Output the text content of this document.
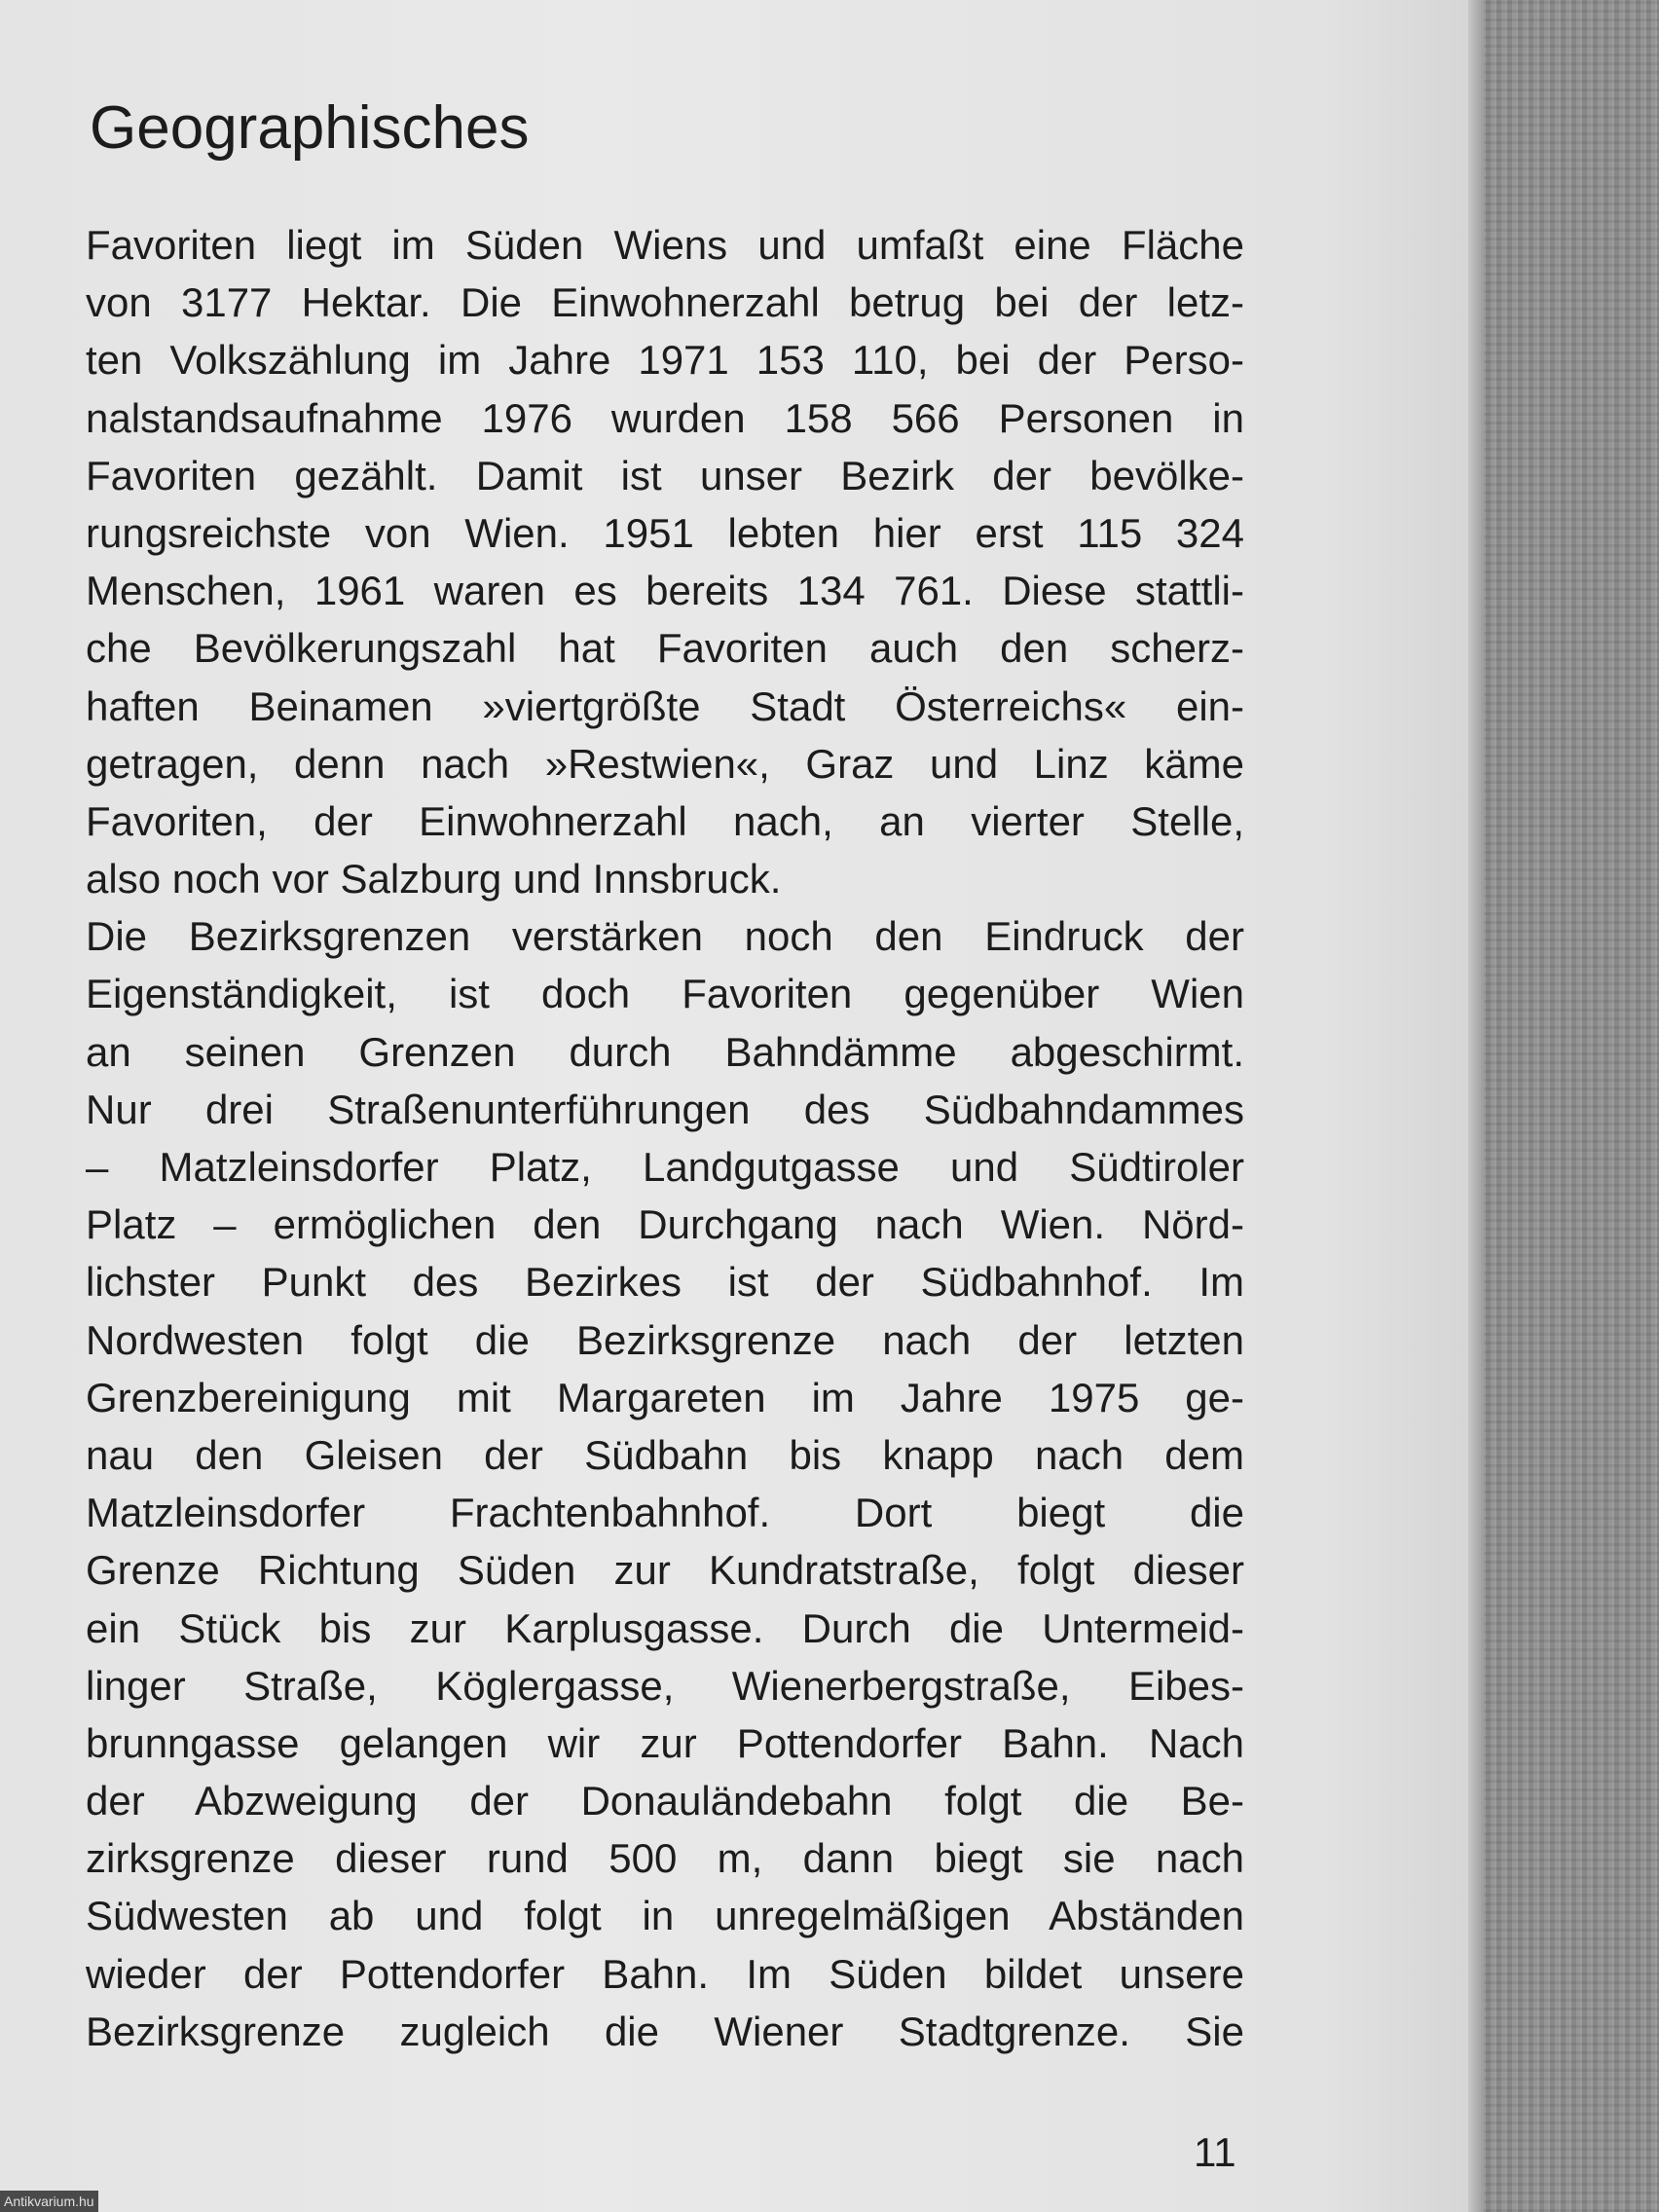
Geographisches
Favoriten liegt im Süden Wiens und umfaßt eine Fläche
von 3177 Hektar. Die Einwohnerzahl betrug bei der letz-
ten Volkszählung im Jahre 1971 153 110, bei der Perso-
nalstandsaufnahme 1976 wurden 158 566 Personen in
Favoriten gezählt. Damit ist unser Bezirk der bevölke-
rungsreichste von Wien. 1951 lebten hier erst 115 324
Menschen, 1961 waren es bereits 134 761. Diese stattli-
che Bevölkerungszahl hat Favoriten auch den scherz-
haften Beinamen »viertgrößte Stadt Österreichs« ein-
getragen, denn nach »Restwien«, Graz und Linz käme
Favoriten, der Einwohnerzahl nach, an vierter Stelle,
also noch vor Salzburg und Innsbruck.
Die Bezirksgrenzen verstärken noch den Eindruck der
Eigenständigkeit, ist doch Favoriten gegenüber Wien
an seinen Grenzen durch Bahndämme abgeschirmt.
Nur drei Straßenunterführungen des Südbahndammes
– Matzleinsdorfer Platz, Landgutgasse und Südtiroler
Platz – ermöglichen den Durchgang nach Wien. Nörd-
lichster Punkt des Bezirkes ist der Südbahnhof. Im
Nordwesten folgt die Bezirksgrenze nach der letzten
Grenzbereinigung mit Margareten im Jahre 1975 ge-
nau den Gleisen der Südbahn bis knapp nach dem
Matzleinsdorfer Frachtenbahnhof. Dort biegt die
Grenze Richtung Süden zur Kundratstraße, folgt dieser
ein Stück bis zur Karplusgasse. Durch die Untermeid-
linger Straße, Köglergasse, Wienerbergstraße, Eibes-
brunngasse gelangen wir zur Pottendorfer Bahn. Nach
der Abzweigung der Donauländebahn folgt die Be-
zirksgrenze dieser rund 500 m, dann biegt sie nach
Südwesten ab und folgt in unregelmäßigen Abständen
wieder der Pottendorfer Bahn. Im Süden bildet unsere
Bezirksgrenze zugleich die Wiener Stadtgrenze. Sie
11
Antikvarium.hu
